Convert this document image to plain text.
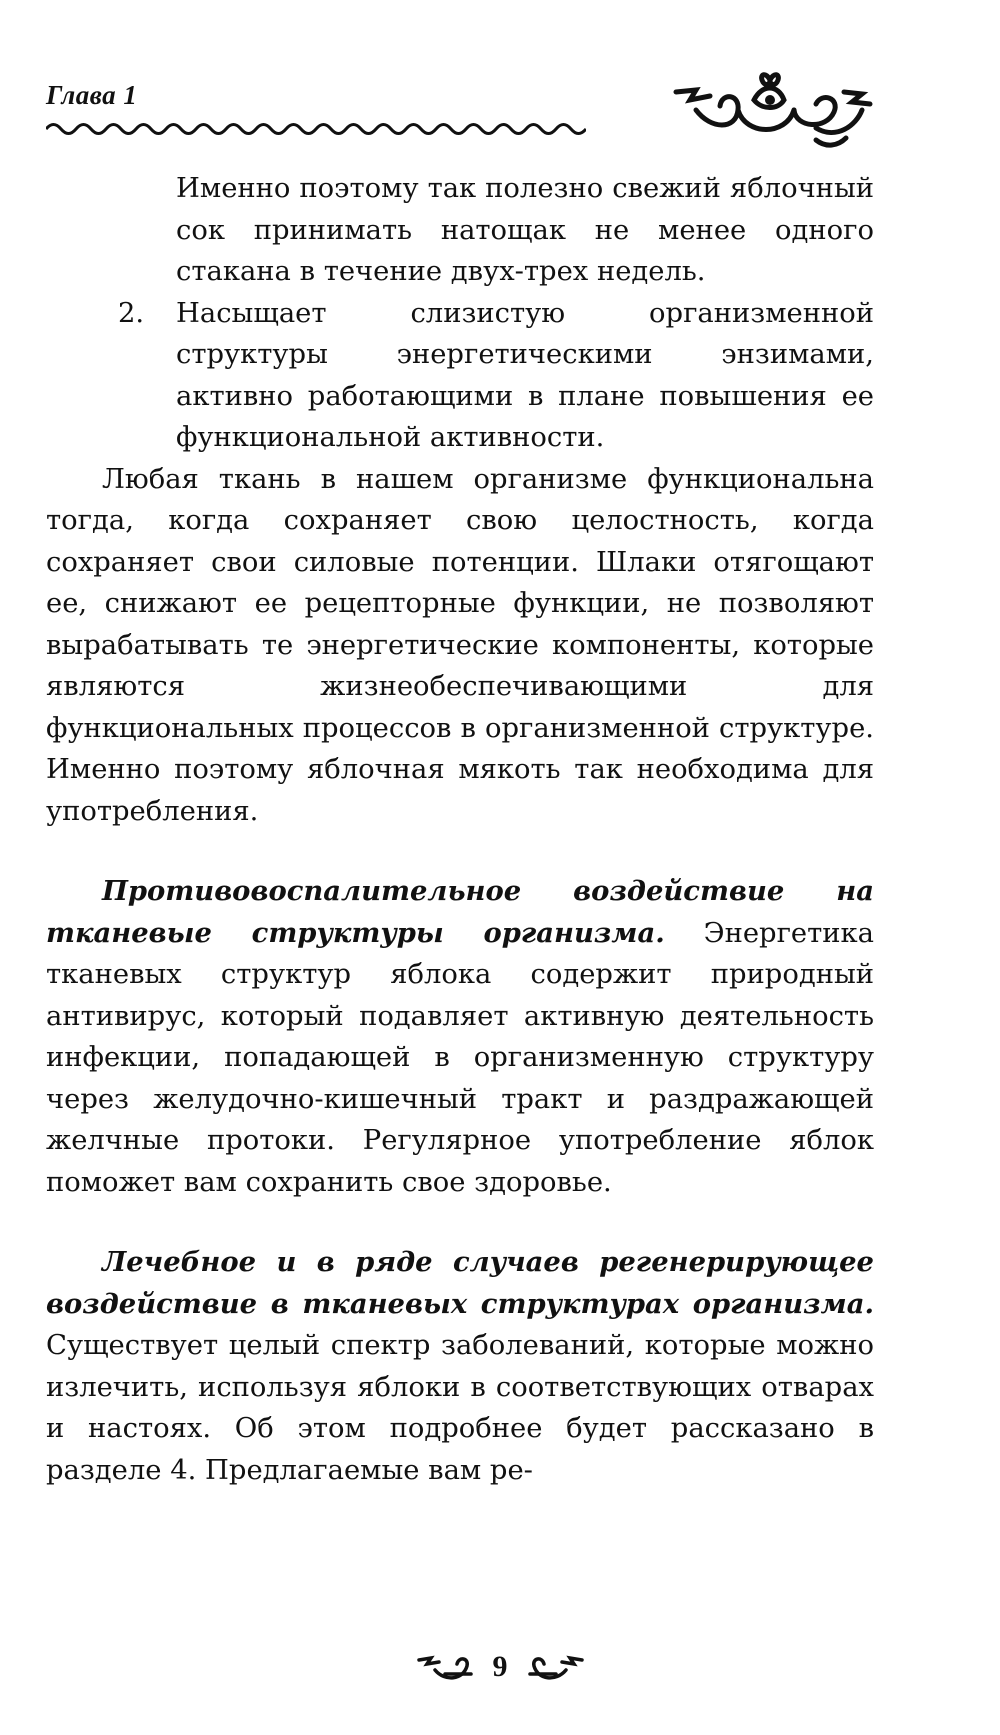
Глава 1

Именно поэтому так полезно свежий яблочный сок принимать натощак не менее одного стакана в течение двух-трех недель.

2.	Насыщает слизистую организменной структуры энергетическими энзимами, активно работающими в плане повышения ее функциональной активности.

Любая ткань в нашем организме функциональна тогда, когда сохраняет свою целостность, когда сохраняет свои силовые потенции. Шлаки отягощают ее, снижают ее рецепторные функции, не позволяют вырабатывать те энергетические компоненты, которые являются жизнеобеспечивающими для функциональных процессов в организменной структуре. Именно поэтому яблочная мякоть так необходима для употребления.

Противовоспалительное воздействие на тканевые структуры организма. Энергетика тканевых структур яблока содержит природный антивирус, который подавляет активную деятельность инфекции, попадающей в организменную структуру через желудочно-кишечный тракт и раздражающей желчные протоки. Регулярное употребление яблок поможет вам сохранить свое здоровье.

Лечебное и в ряде случаев регенерирующее воздействие в тканевых структурах организма. Существует целый спектр заболеваний, которые можно излечить, используя яблоки в соответствующих отварах и настоях. Об этом подробнее будет рассказано в разделе 4. Предлагаемые вам ре-

9
